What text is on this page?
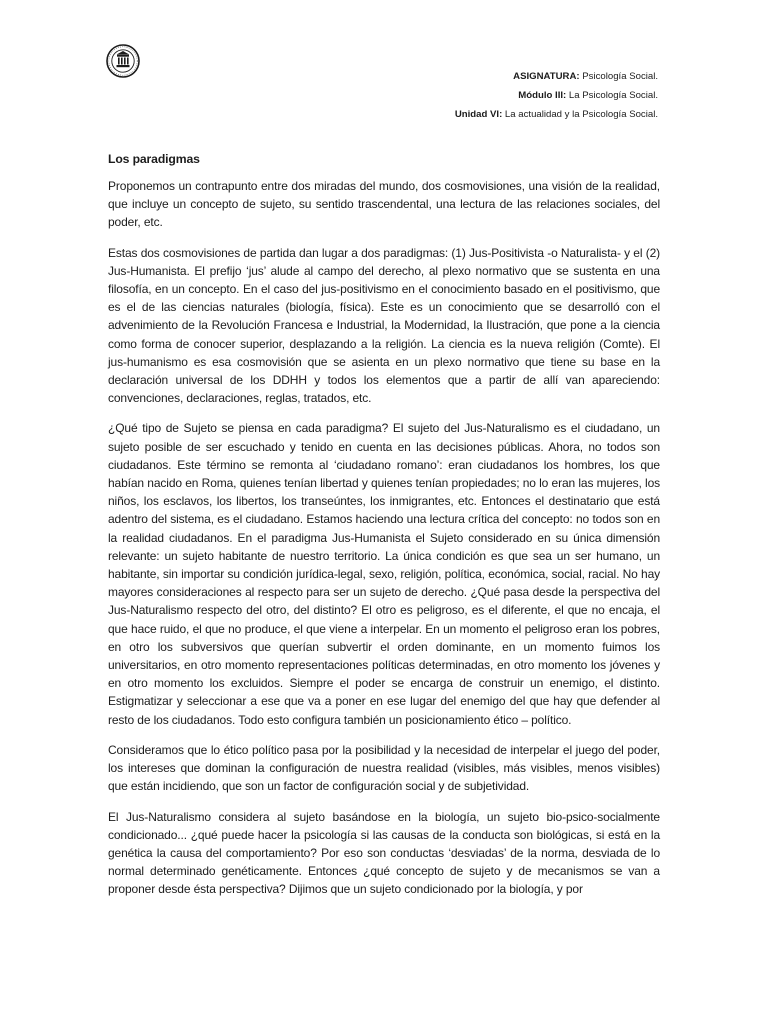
ASIGNATURA: Psicología Social.
Módulo III: La Psicología Social.
Unidad VI: La actualidad y la Psicología Social.
Los paradigmas

Proponemos un contrapunto entre dos miradas del mundo, dos cosmovisiones, una visión de la realidad, que incluye un concepto de sujeto, su sentido trascendental, una lectura de las relaciones sociales, del poder, etc.

Estas dos cosmovisiones de partida dan lugar a dos paradigmas: (1) Jus-Positivista -o Naturalista- y el (2) Jus-Humanista. El prefijo ‘jus’ alude al campo del derecho, al plexo normativo que se sustenta en una filosofía, en un concepto. En el caso del jus-positivismo en el conocimiento basado en el positivismo, que es el de las ciencias naturales (biología, física). Este es un conocimiento que se desarrolló con el advenimiento de la Revolución Francesa e Industrial, la Modernidad, la Ilustración, que pone a la ciencia como forma de conocer superior, desplazando a la religión. La ciencia es la nueva religión (Comte). El jus-humanismo es esa cosmovisión que se asienta en un plexo normativo que tiene su base en la declaración universal de los DDHH y todos los elementos que a partir de allí van apareciendo: convenciones, declaraciones, reglas, tratados, etc.

¿Qué tipo de Sujeto se piensa en cada paradigma? El sujeto del Jus-Naturalismo es el ciudadano, un sujeto posible de ser escuchado y tenido en cuenta en las decisiones públicas. Ahora, no todos son ciudadanos. Este término se remonta al ‘ciudadano romano’: eran ciudadanos los hombres, los que habían nacido en Roma, quienes tenían libertad y quienes tenían propiedades; no lo eran las mujeres, los niños, los esclavos, los libertos, los transeúntes, los inmigrantes, etc. Entonces el destinatario que está adentro del sistema, es el ciudadano. Estamos haciendo una lectura crítica del concepto: no todos son en la realidad ciudadanos. En el paradigma Jus-Humanista el Sujeto considerado en su única dimensión relevante: un sujeto habitante de nuestro territorio. La única condición es que sea un ser humano, un habitante, sin importar su condición jurídica-legal, sexo, religión, política, económica, social, racial. No hay mayores consideraciones al respecto para ser un sujeto de derecho. ¿Qué pasa desde la perspectiva del Jus-Naturalismo respecto del otro, del distinto? El otro es peligroso, es el diferente, el que no encaja, el que hace ruido, el que no produce, el que viene a interpelar. En un momento el peligroso eran los pobres, en otro los subversivos que querían subvertir el orden dominante, en un momento fuimos los universitarios, en otro momento representaciones políticas determinadas, en otro momento los jóvenes y en otro momento los excluidos. Siempre el poder se encarga de construir un enemigo, el distinto. Estigmatizar y seleccionar a ese que va a poner en ese lugar del enemigo del que hay que defender al resto de los ciudadanos. Todo esto configura también un posicionamiento ético – político.

Consideramos que lo ético político pasa por la posibilidad y la necesidad de interpelar el juego del poder, los intereses que dominan la configuración de nuestra realidad (visibles, más visibles, menos visibles) que están incidiendo, que son un factor de configuración social y de subjetividad.

El Jus-Naturalismo considera al sujeto basándose en la biología, un sujeto bio-psico-socialmente condicionado... ¿qué puede hacer la psicología si las causas de la conducta son biológicas, si está en la genética la causa del comportamiento? Por eso son conductas ‘desviadas’ de la norma, desviada de lo normal determinado genéticamente. Entonces ¿qué concepto de sujeto y de mecanismos se van a proponer desde ésta perspectiva? Dijimos que un sujeto condicionado por la biología, y por
